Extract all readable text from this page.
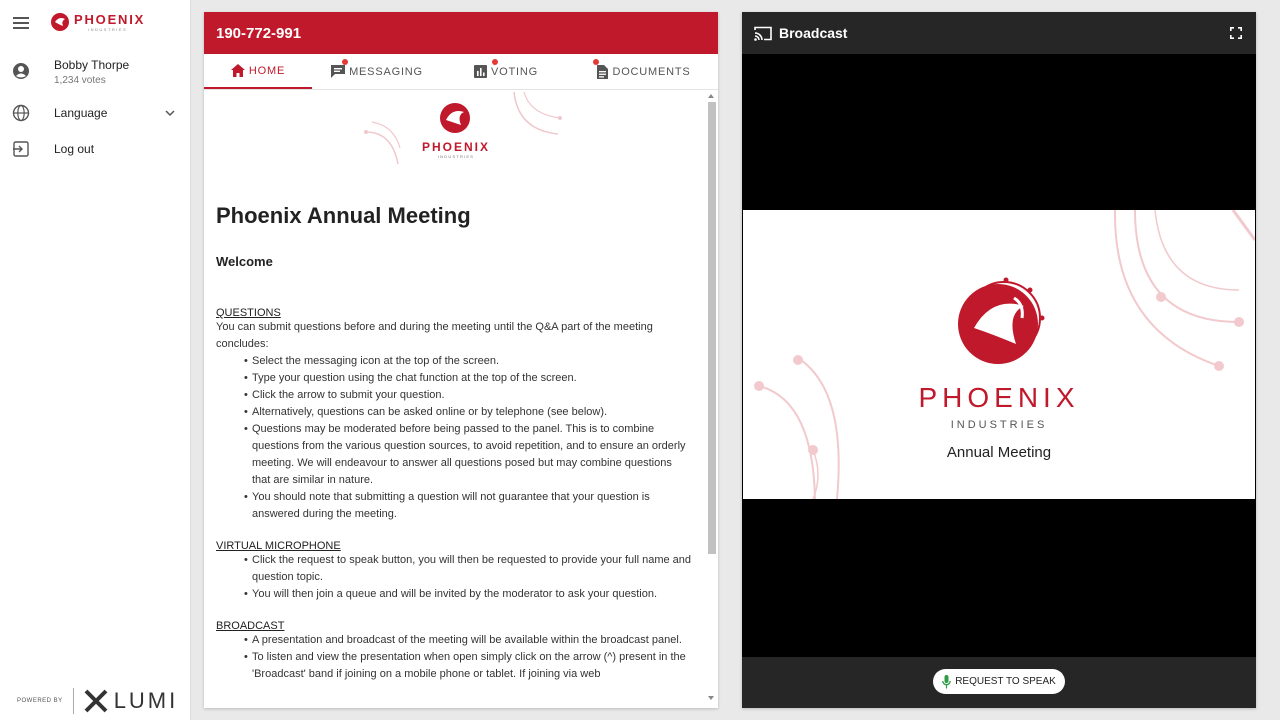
PHOENIX
INDUSTRIES
Bobby Thorpe
1,234 votes
Language
Log out
POWERED BY LUMI
190-772-991
HOME	MESSAGING	VOTING	DOCUMENTS
PHOENIX
INDUSTRIES
Phoenix Annual Meeting
Welcome
QUESTIONS
You can submit questions before and during the meeting until the Q&A part of the meeting concludes:
• Select the messaging icon at the top of the screen.
• Type your question using the chat function at the top of the screen.
• Click the arrow to submit your question.
• Alternatively, questions can be asked online or by telephone (see below).
• Questions may be moderated before being passed to the panel. This is to combine questions from the various question sources, to avoid repetition, and to ensure an orderly meeting. We will endeavour to answer all questions posed but may combine questions that are similar in nature.
• You should note that submitting a question will not guarantee that your question is answered during the meeting.
VIRTUAL MICROPHONE
• Click the request to speak button, you will then be requested to provide your full name and question topic.
• You will then join a queue and will be invited by the moderator to ask your question.
BROADCAST
• A presentation and broadcast of the meeting will be available within the broadcast panel.
• To listen and view the presentation when open simply click on the arrow (^) present in the 'Broadcast' band if joining on a mobile phone or tablet. If joining via web
Broadcast
PHOENIX
INDUSTRIES
Annual Meeting
REQUEST TO SPEAK
